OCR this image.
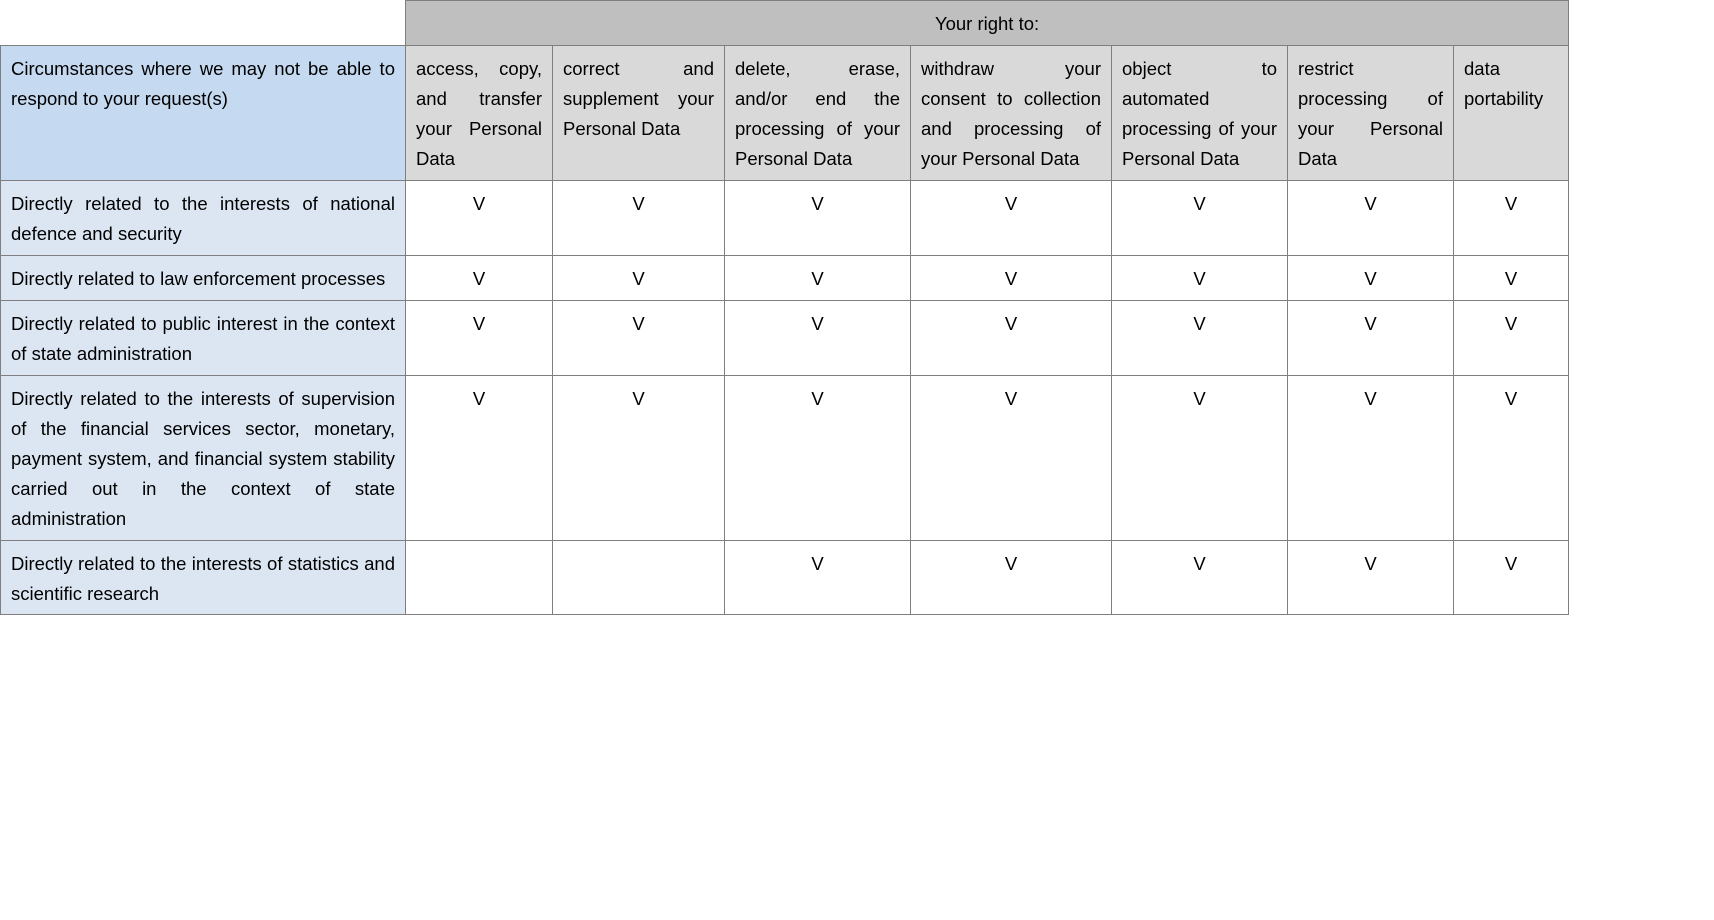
	Your right to:						
Circumstances where we may not be able to respond to your request(s)	access, copy, and transfer your Personal Data	correct and supplement your Personal Data	delete, erase, and/or end the processing of your Personal Data	withdraw your consent to collection and processing of your Personal Data	object to automated processing of your Personal Data	restrict processing of your Personal Data	data portability
Directly related to the interests of national defence and security	V	V	V	V	V	V	V
Directly related to law enforcement processes	V	V	V	V	V	V	V
Directly related to public interest in the context of state administration	V	V	V	V	V	V	V
Directly related to the interests of supervision of the financial services sector, monetary, payment system, and financial system stability carried out in the context of state administration	V	V	V	V	V	V	V
Directly related to the interests of statistics and scientific research			V	V	V	V	V
